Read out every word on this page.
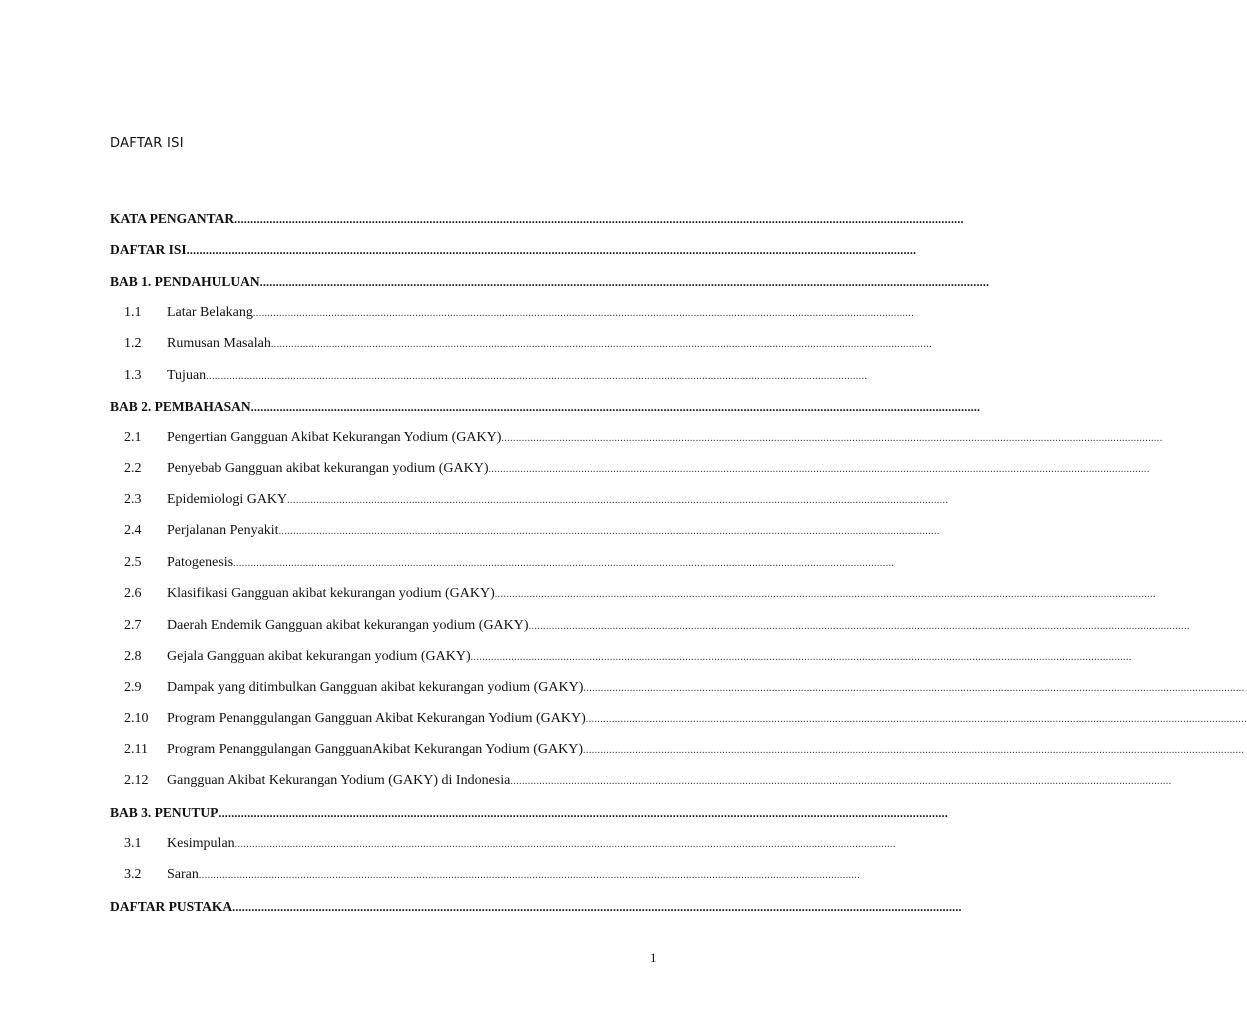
DAFTAR ISI
KATA PENGANTAR ....................................................................................................................................................................................................................................
DAFTAR ISI ....................................................................................................................................................................................................................................
BAB 1. PENDAHULUAN ....................................................................................................................................................................................................................................
1.1	Latar Belakang ....................................................................................................................................................................................................................................
1.2	Rumusan Masalah ....................................................................................................................................................................................................................................
1.3	Tujuan ....................................................................................................................................................................................................................................
BAB 2. PEMBAHASAN ....................................................................................................................................................................................................................................
2.1	Pengertian Gangguan Akibat Kekurangan Yodium (GAKY) ....................................................................................................................................................................................................................................
2.2	Penyebab Gangguan akibat kekurangan yodium (GAKY) ....................................................................................................................................................................................................................................
2.3	Epidemiologi GAKY ....................................................................................................................................................................................................................................
2.4	Perjalanan Penyakit ....................................................................................................................................................................................................................................
2.5	Patogenesis ....................................................................................................................................................................................................................................
2.6	Klasifikasi Gangguan akibat kekurangan yodium (GAKY) ....................................................................................................................................................................................................................................
2.7	Daerah Endemik Gangguan akibat kekurangan yodium (GAKY) ....................................................................................................................................................................................................................................
2.8	Gejala Gangguan akibat kekurangan yodium (GAKY) ....................................................................................................................................................................................................................................
2.9	Dampak yang ditimbulkan Gangguan akibat kekurangan yodium (GAKY) ....................................................................................................................................................................................................................................
2.10	Program Penanggulangan Gangguan Akibat Kekurangan Yodium (GAKY) ....................................................................................................................................................................................................................................
2.11	Program Penanggulangan GangguanAkibat Kekurangan Yodium (GAKY) ....................................................................................................................................................................................................................................
2.12	Gangguan Akibat Kekurangan Yodium (GAKY) di Indonesia ....................................................................................................................................................................................................................................
BAB 3. PENUTUP ....................................................................................................................................................................................................................................
3.1	Kesimpulan ....................................................................................................................................................................................................................................
3.2	Saran ....................................................................................................................................................................................................................................
DAFTAR PUSTAKA ....................................................................................................................................................................................................................................
1
